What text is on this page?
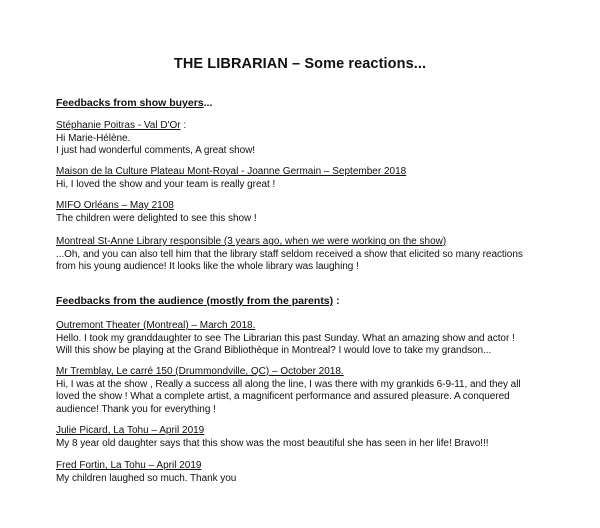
THE LIBRARIAN – Some reactions...
Feedbacks from show buyers...
Stéphanie Poitras - Val D'Or :
Hi Marie-Hélène.
I just had wonderful comments, A great show!
Maison de la Culture Plateau Mont-Royal - Joanne Germain – September 2018
Hi, I loved the show and your team is really great !
MIFO Orléans – May 2108
The children were delighted to see this show !
Montreal St-Anne Library responsible (3 years ago, when we were working on the show)
...Oh, and you can also tell him that the library staff seldom received a show that elicited so many reactions
from his young audience! It looks like the whole library was laughing !
Feedbacks from the audience (mostly from the parents) :
Outremont Theater (Montreal) – March 2018.
Hello. I took my granddaughter to see The Librarian this past Sunday. What an amazing show and actor !
Will this show be playing at the Grand Bibliothèque in Montreal? I would love to take my grandson...
Mr Tremblay, Le carré 150 (Drummondville, QC) – October 2018.
Hi, I was at the show , Really a success all along the line, I was there with my grankids 6-9-11, and they all
loved the show ! What a complete artist, a magnificent performance and assured pleasure. A conquered
audience! Thank you for everything !
Julie Picard, La Tohu – April 2019
My 8 year old daughter says that this show was the most beautiful she has seen in her life! Bravo!!!
Fred Fortin, La Tohu – April 2019
My children laughed so much. Thank you
